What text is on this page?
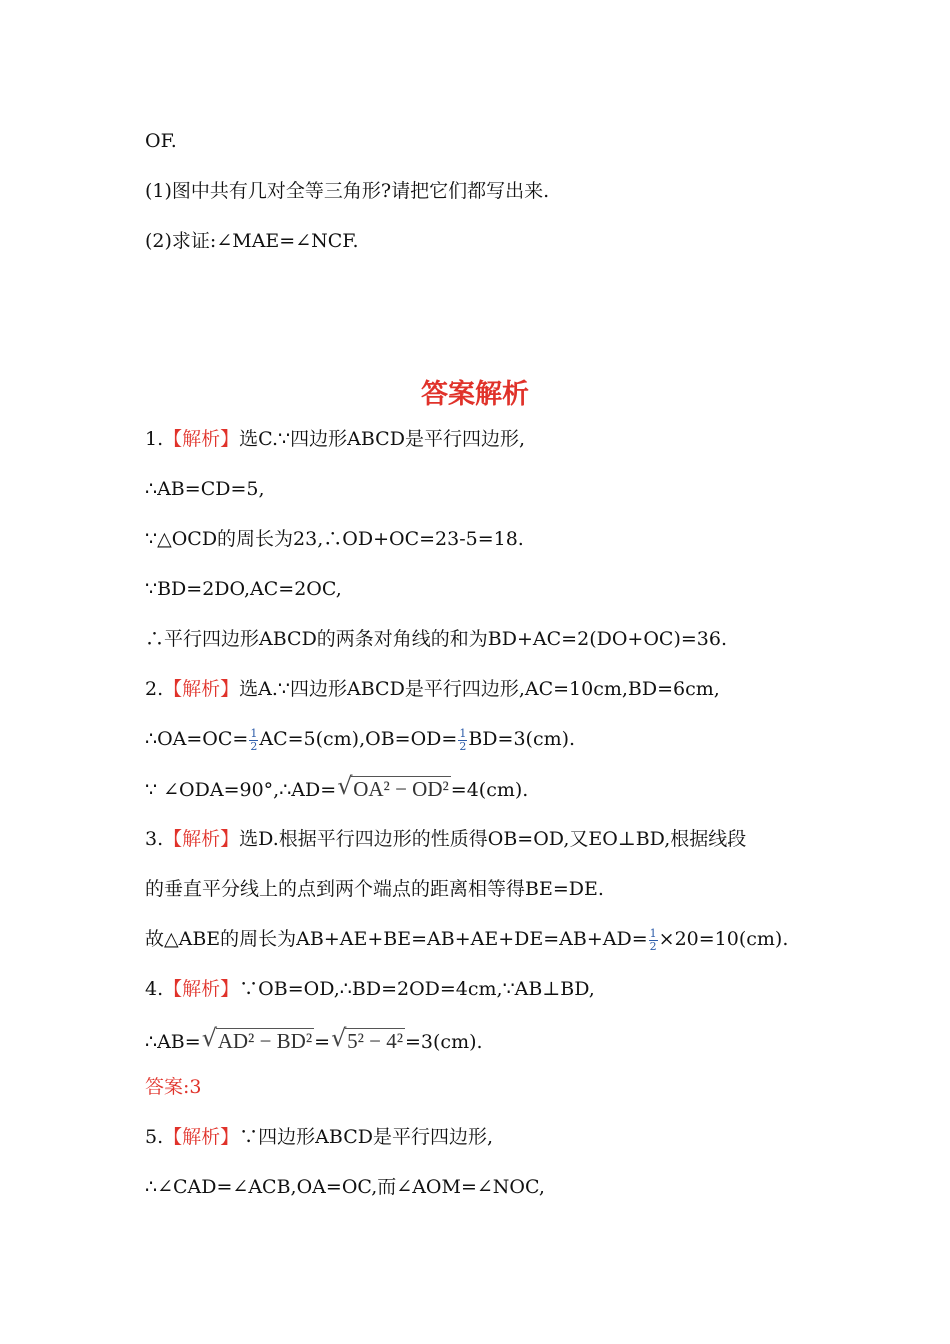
OF.
(1)图中共有几对全等三角形?请把它们都写出来.
(2)求证:∠MAE=∠NCF.
答案解析
1.【解析】选C.∵四边形ABCD是平行四边形,
∴AB=CD=5,
∵△OCD的周长为23,∴OD+OC=23-5=18.
∵BD=2DO,AC=2OC,
∴平行四边形ABCD的两条对角线的和为BD+AC=2(DO+OC)=36.
2.【解析】选A.∵四边形ABCD是平行四边形,AC=10cm,BD=6cm,
∴OA=OC= $\frac{1}{2} AC=5(cm),OB=OD= \frac{1}{2} BD=3(cm)$.
∵ ∠ODA=90°,∴AD= √ OA² − OD² =4(cm).
3.【解析】选D.根据平行四边形的性质得OB=OD,又EO⊥BD,根据线段
的垂直平分线上的点到两个端点的距离相等得BE=DE.
故△ABE的周长为$AB+AE+BE=AB+AE+DE=AB+AD= \frac{1}{2} \times 20=10(cm)$.
4.【解析】∵OB=OD,∴BD=2OD=4cm,∵AB⊥BD,
∴AB= √ AD² − BD² = √ 5² − 4² =3(cm).
答案:3
5.【解析】∵四边形ABCD是平行四边形,
∴∠CAD=∠ACB,OA=OC,而∠AOM=∠NOC,
